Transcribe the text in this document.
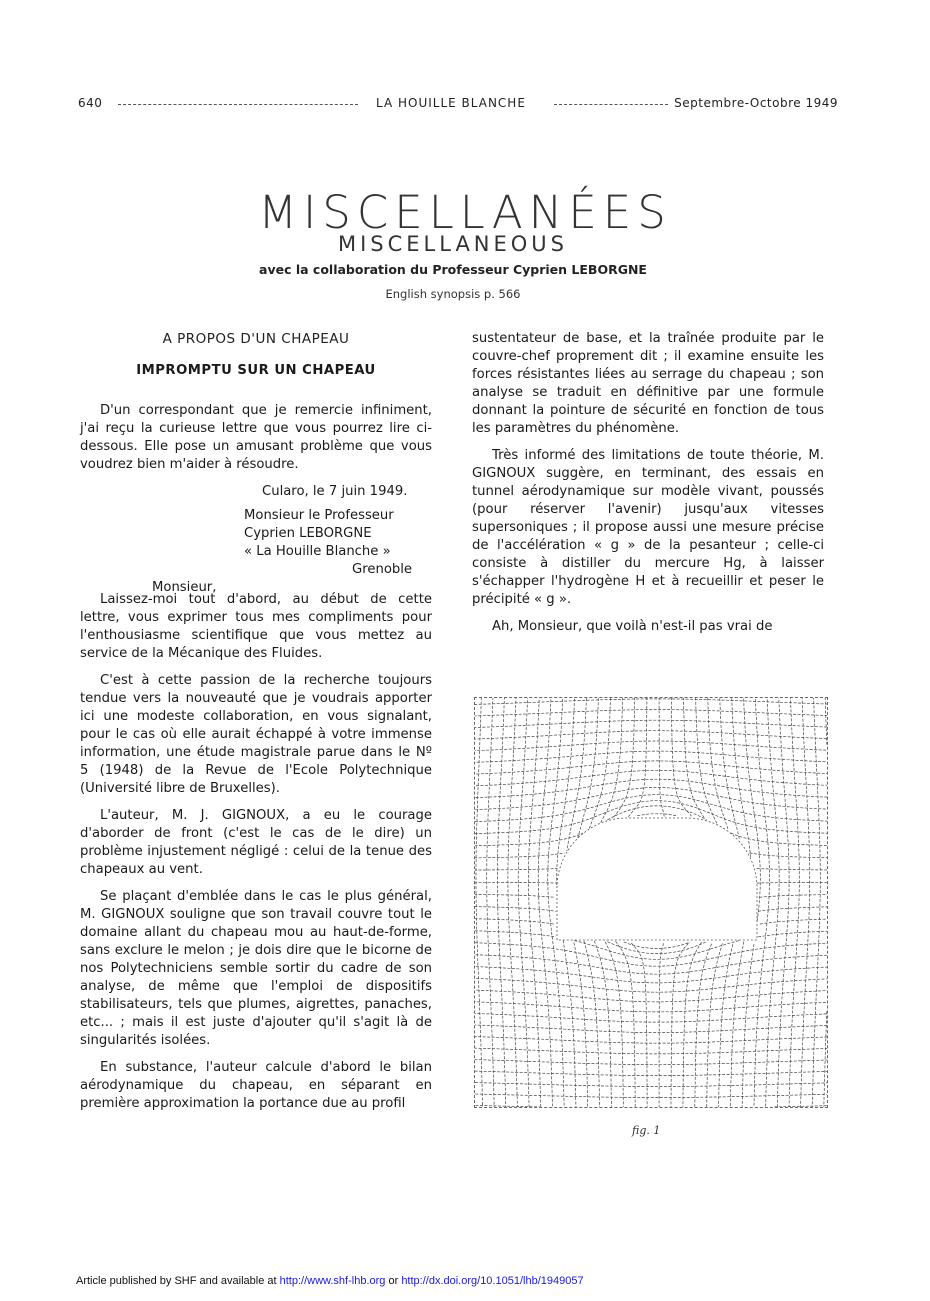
640	LA HOUILLE BLANCHE	Septembre-Octobre 1949
MISCELLANÉES
MISCELLANEOUS
avec la collaboration du Professeur Cyprien LEBORGNE
English synopsis p. 566
A PROPOS D'UN CHAPEAU
IMPROMPTU SUR UN CHAPEAU

D'un correspondant que je remercie infiniment, j'ai reçu la curieuse lettre que vous pourrez lire ci-dessous. Elle pose un amusant problème que vous voudrez bien m'aider à résoudre.

Cularo, le 7 juin 1949.
Monsieur le Professeur
Cyprien LEBORGNE
« La Houille Blanche »
Grenoble
Monsieur,

Laissez-moi tout d'abord, au début de cette lettre, vous exprimer tous mes compliments pour l'enthousiasme scientifique que vous mettez au service de la Mécanique des Fluides.

C'est à cette passion de la recherche toujours tendue vers la nouveauté que je voudrais apporter ici une modeste collaboration, en vous signalant, pour le cas où elle aurait échappé à votre immense information, une étude magistrale parue dans le Nº 5 (1948) de la Revue de l'Ecole Polytechnique (Université libre de Bruxelles).

L'auteur, M. J. GIGNOUX, a eu le courage d'aborder de front (c'est le cas de le dire) un problème injustement négligé : celui de la tenue des chapeaux au vent.

Se plaçant d'emblée dans le cas le plus général, M. GIGNOUX souligne que son travail couvre tout le domaine allant du chapeau mou au haut-de-forme, sans exclure le melon ; je dois dire que le bicorne de nos Polytechniciens semble sortir du cadre de son analyse, de même que l'emploi de dispositifs stabilisateurs, tels que plumes, aigrettes, panaches, etc... ; mais il est juste d'ajouter qu'il s'agit là de singularités isolées.

En substance, l'auteur calcule d'abord le bilan aérodynamique du chapeau, en séparant en première approximation la portance due au profil

sustentateur de base, et la traînée produite par le couvre-chef proprement dit ; il examine ensuite les forces résistantes liées au serrage du chapeau ; son analyse se traduit en définitive par une formule donnant la pointure de sécurité en fonction de tous les paramètres du phénomène.

Très informé des limitations de toute théorie, M. GIGNOUX suggère, en terminant, des essais en tunnel aérodynamique sur modèle vivant, poussés (pour réserver l'avenir) jusqu'aux vitesses supersoniques ; il propose aussi une mesure précise de l'accélération « g » de la pesanteur ; celle-ci consiste à distiller du mercure Hg, à laisser s'échapper l'hydrogène H et à recueillir et peser le précipité « g ».

Ah, Monsieur, que voilà n'est-il pas vrai de

fig. 1
Article published by SHF and available at http://www.shf-lhb.org or http://dx.doi.org/10.1051/lhb/1949057
